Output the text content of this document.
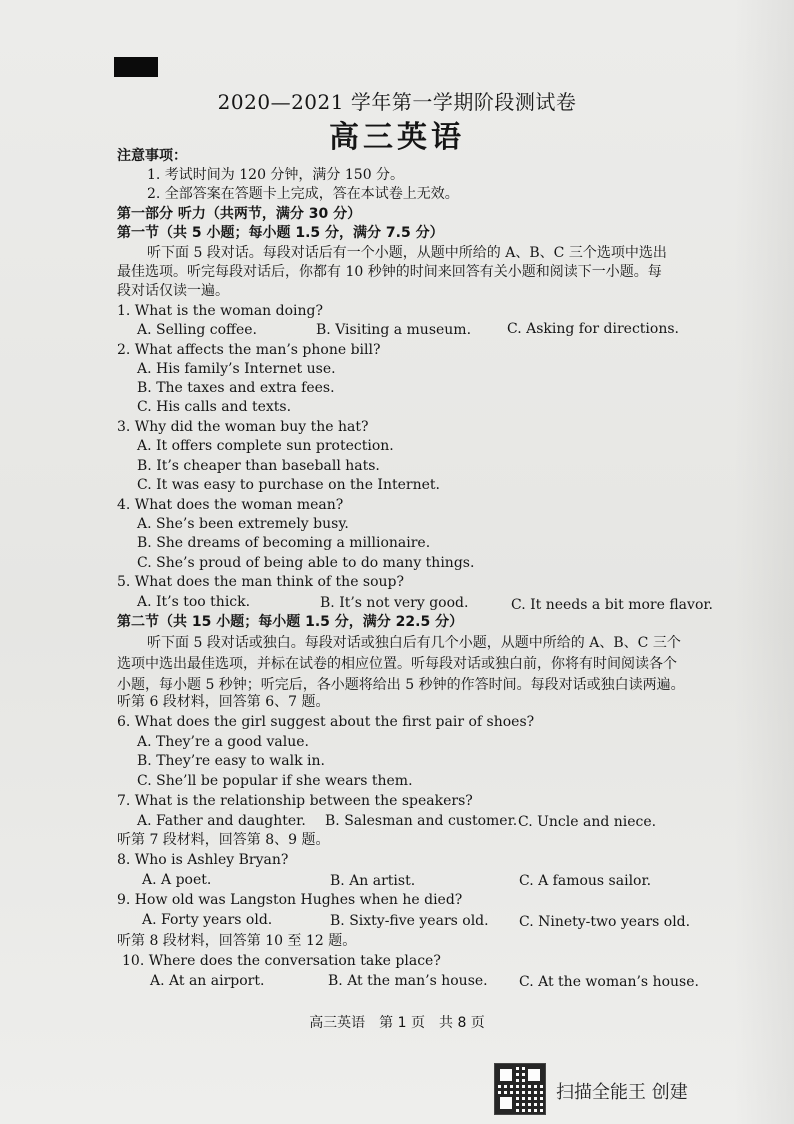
2020—2021 学年第一学期阶段测试卷
高三英语
注意事项：
1. 考试时间为 120 分钟，满分 150 分。
2. 全部答案在答题卡上完成，答在本试卷上无效。
第一部分 听力（共两节，满分 30 分）
第一节（共 5 小题；每小题 1.5 分，满分 7.5 分）
听下面 5 段对话。每段对话后有一个小题，从题中所给的 A、B、C 三个选项中选出
最佳选项。听完每段对话后，你都有 10 秒钟的时间来回答有关小题和阅读下一小题。每
段对话仅读一遍。
1. What is the woman doing?
A. Selling coffee.	B. Visiting a museum.	C. Asking for directions.
2. What affects the man’s phone bill?
A. His family’s Internet use.
B. The taxes and extra fees.
C. His calls and texts.
3. Why did the woman buy the hat?
A. It offers complete sun protection.
B. It’s cheaper than baseball hats.
C. It was easy to purchase on the Internet.
4. What does the woman mean?
A. She’s been extremely busy.
B. She dreams of becoming a millionaire.
C. She’s proud of being able to do many things.
5. What does the man think of the soup?
A. It’s too thick.	B. It’s not very good.	C. It needs a bit more flavor.
第二节（共 15 小题；每小题 1.5 分，满分 22.5 分）
听下面 5 段对话或独白。每段对话或独白后有几个小题，从题中所给的 A、B、C 三个
选项中选出最佳选项，并标在试卷的相应位置。听每段对话或独白前，你将有时间阅读各个
小题，每小题 5 秒钟；听完后，各小题将给出 5 秒钟的作答时间。每段对话或独白读两遍。
听第 6 段材料，回答第 6、7 题。
6. What does the girl suggest about the first pair of shoes?
A. They’re a good value.
B. They’re easy to walk in.
C. She’ll be popular if she wears them.
7. What is the relationship between the speakers?
A. Father and daughter. B. Salesman and customer. C. Uncle and niece.
听第 7 段材料，回答第 8、9 题。
8. Who is Ashley Bryan?
A. A poet.	B. An artist.	C. A famous sailor.
9. How old was Langston Hughes when he died?
A. Forty years old.	B. Sixty-five years old. C. Ninety-two years old.
听第 8 段材料，回答第 10 至 12 题。
10. Where does the conversation take place?
A. At an airport.	B. At the man’s house. C. At the woman’s house.
高三英语　第 1 页　共 8 页
扫描全能王 创建
